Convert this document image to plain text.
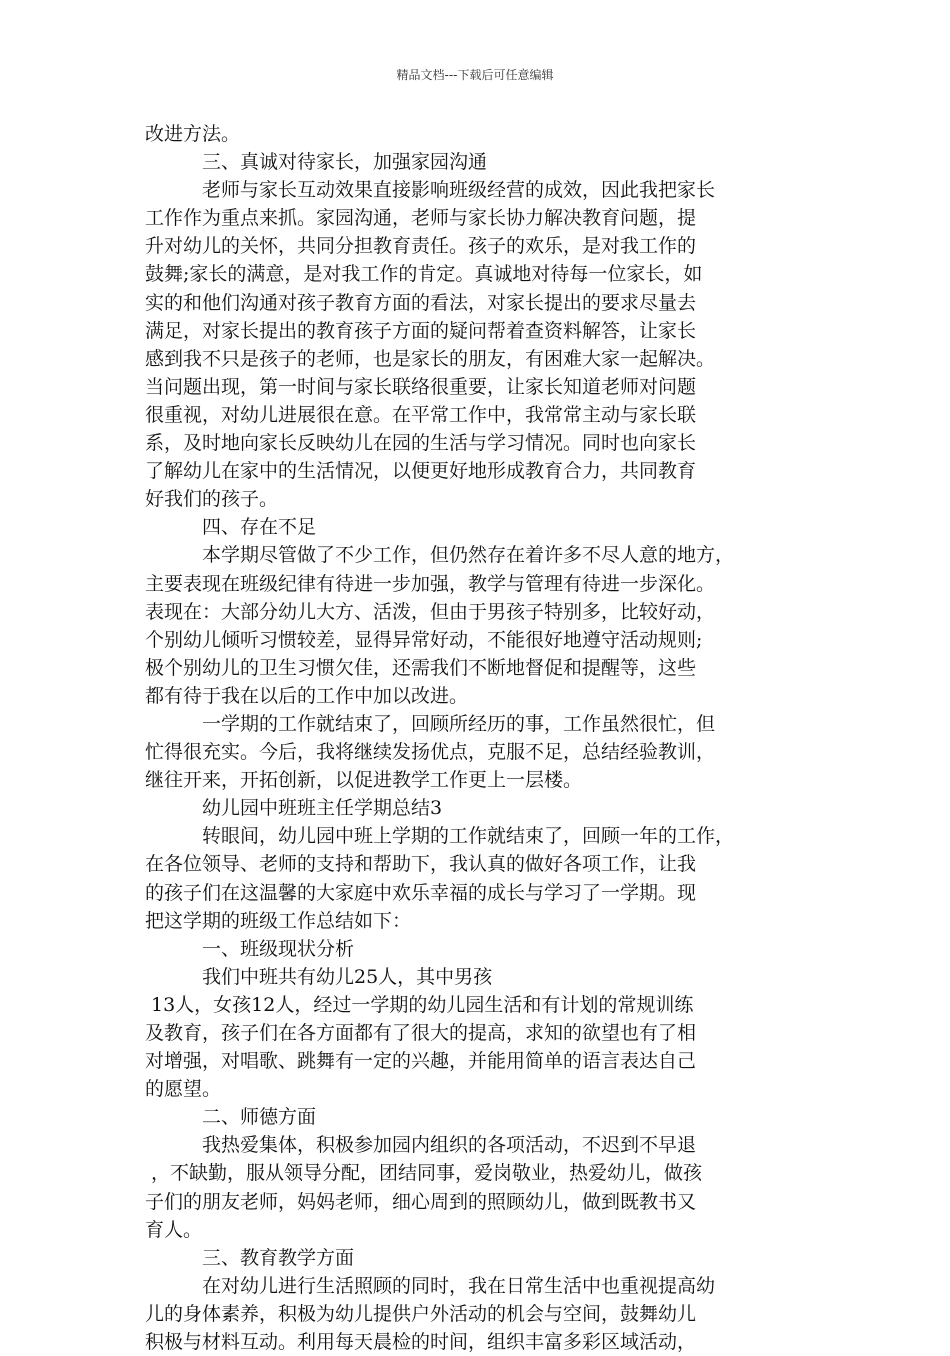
精品文档---下载后可任意编辑
改进方法。
三、真诚对待家长，加强家园沟通
老师与家长互动效果直接影响班级经营的成效，因此我把家长
工作作为重点来抓。家园沟通，老师与家长协力解决教育问题，提
升对幼儿的关怀，共同分担教育责任。孩子的欢乐，是对我工作的
鼓舞;家长的满意，是对我工作的肯定。真诚地对待每一位家长，如
实的和他们沟通对孩子教育方面的看法，对家长提出的要求尽量去
满足，对家长提出的教育孩子方面的疑问帮着查资料解答，让家长
感到我不只是孩子的老师，也是家长的朋友，有困难大家一起解决。
当问题出现，第一时间与家长联络很重要，让家长知道老师对问题
很重视，对幼儿进展很在意。在平常工作中，我常常主动与家长联
系，及时地向家长反映幼儿在园的生活与学习情况。同时也向家长
了解幼儿在家中的生活情况，以便更好地形成教育合力，共同教育
好我们的孩子。
四、存在不足
本学期尽管做了不少工作，但仍然存在着许多不尽人意的地方，
主要表现在班级纪律有待进一步加强，教学与管理有待进一步深化。
表现在：大部分幼儿大方、活泼，但由于男孩子特别多，比较好动，
个别幼儿倾听习惯较差，显得异常好动，不能很好地遵守活动规则;
极个别幼儿的卫生习惯欠佳，还需我们不断地督促和提醒等，这些
都有待于我在以后的工作中加以改进。
一学期的工作就结束了，回顾所经历的事，工作虽然很忙，但
忙得很充实。今后，我将继续发扬优点，克服不足，总结经验教训，
继往开来，开拓创新，以促进教学工作更上一层楼。
幼儿园中班班主任学期总结3
转眼间，幼儿园中班上学期的工作就结束了，回顾一年的工作，
在各位领导、老师的支持和帮助下，我认真的做好各项工作，让我
的孩子们在这温馨的大家庭中欢乐幸福的成长与学习了一学期。现
把这学期的班级工作总结如下：
一、班级现状分析
我们中班共有幼儿25人，其中男孩
13人，女孩12人，经过一学期的幼儿园生活和有计划的常规训练
及教育，孩子们在各方面都有了很大的提高，求知的欲望也有了相
对增强，对唱歌、跳舞有一定的兴趣，并能用简单的语言表达自己
的愿望。
二、师德方面
我热爱集体，积极参加园内组织的各项活动，不迟到不早退
，不缺勤，服从领导分配，团结同事，爱岗敬业，热爱幼儿，做孩
子们的朋友老师，妈妈老师，细心周到的照顾幼儿，做到既教书又
育人。
三、教育教学方面
在对幼儿进行生活照顾的同时，我在日常生活中也重视提高幼
儿的身体素养，积极为幼儿提供户外活动的机会与空间，鼓舞幼儿
积极与材料互动。利用每天晨检的时间，组织丰富多彩区域活动，
